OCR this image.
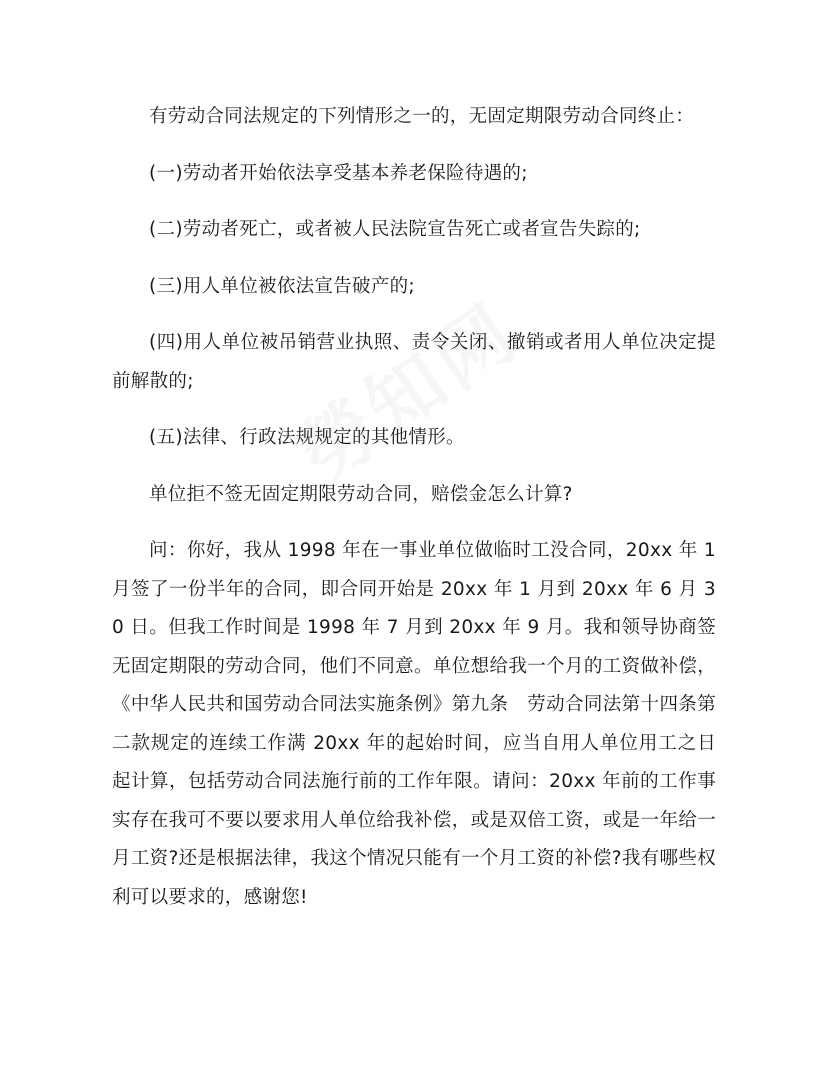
有劳动合同法规定的下列情形之一的，无固定期限劳动合同终止：

(一)劳动者开始依法享受基本养老保险待遇的;

(二)劳动者死亡，或者被人民法院宣告死亡或者宣告失踪的;

(三)用人单位被依法宣告破产的;

(四)用人单位被吊销营业执照、责令关闭、撤销或者用人单位决定提前解散的;

(五)法律、行政法规规定的其他情形。

单位拒不签无固定期限劳动合同，赔偿金怎么计算?

问：你好，我从 1998 年在一事业单位做临时工没合同，20xx 年 1 月签了一份半年的合同，即合同开始是 20xx 年 1 月到 20xx 年 6 月 30 日。但我工作时间是 1998 年 7 月到 20xx 年 9 月。我和领导协商签无固定期限的劳动合同，他们不同意。单位想给我一个月的工资做补偿，《中华人民共和国劳动合同法实施条例》第九条　劳动合同法第十四条第二款规定的连续工作满 20xx 年的起始时间，应当自用人单位用工之日起计算，包括劳动合同法施行前的工作年限。请问：20xx 年前的工作事实存在我可不要以要求用人单位给我补偿，或是双倍工资，或是一年给一月工资?还是根据法律，我这个情况只能有一个月工资的补偿?我有哪些权利可以要求的，感谢您!
